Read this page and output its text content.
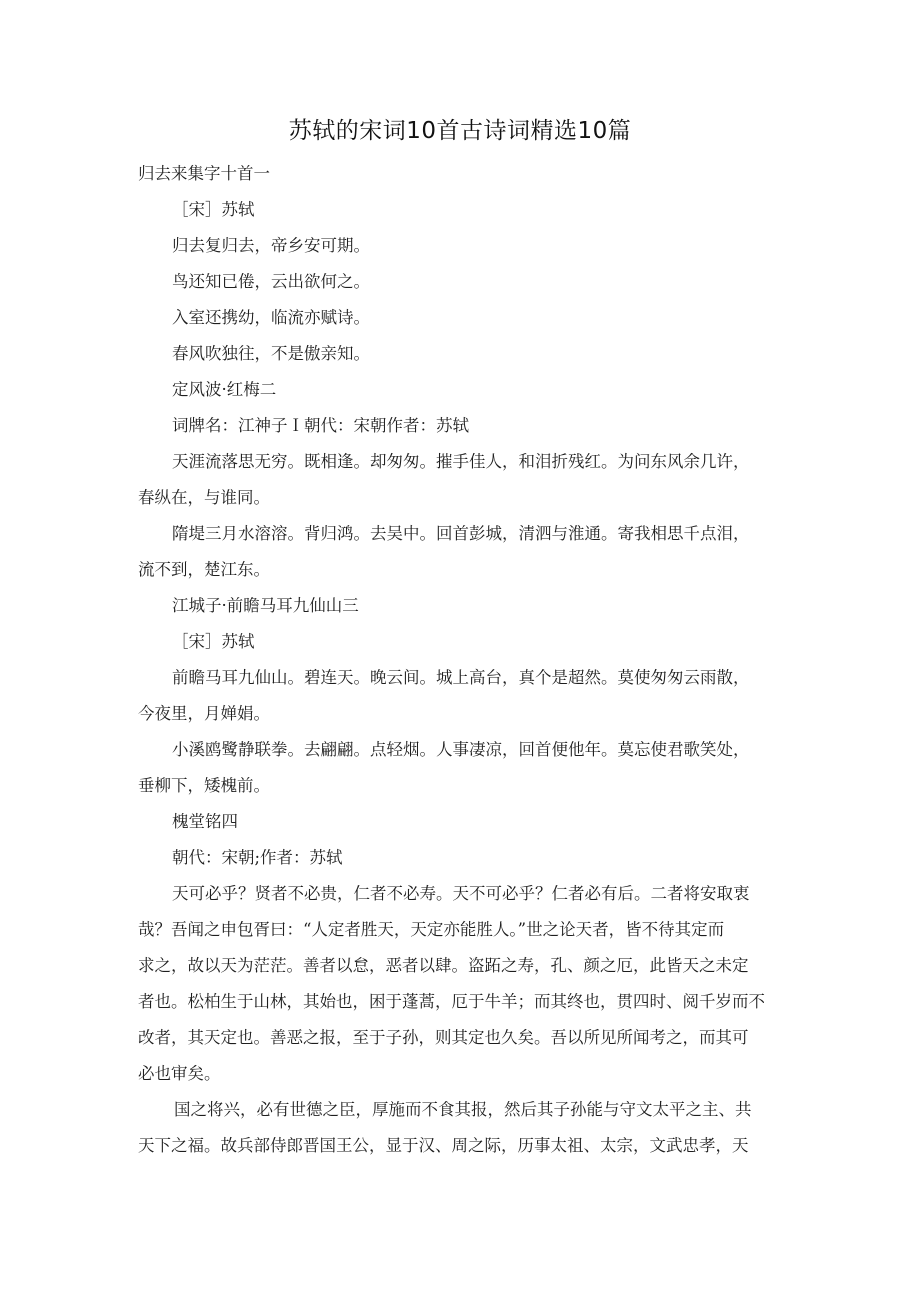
苏轼的宋词10首古诗词精选10篇
归去来集字十首一
［宋］苏轼
归去复归去，帝乡安可期。
鸟还知已倦，云出欲何之。
入室还携幼，临流亦赋诗。
春风吹独往，不是傲亲知。
定风波·红梅二
词牌名：江神子Ｉ朝代：宋朝作者：苏轼
天涯流落思无穷。既相逢。却匆匆。摧手佳人，和泪折残红。为问东风余几许，
春纵在，与谁同。
隋堤三月水溶溶。背归鸿。去吴中。回首彭城，清泗与淮通。寄我相思千点泪，
流不到，楚江东。
江城子·前瞻马耳九仙山三
［宋］苏轼
前瞻马耳九仙山。碧连天。晚云间。城上高台，真个是超然。莫使匆匆云雨散，
今夜里，月婵娟。
小溪鸥鹭静联拳。去翩翩。点轻烟。人事凄凉，回首便他年。莫忘使君歌笑处，
垂柳下，矮槐前。
槐堂铭四
朝代：宋朝;作者：苏轼
天可必乎？贤者不必贵，仁者不必寿。天不可必乎？仁者必有后。二者将安取衷
哉？吾闻之申包胥曰：“人定者胜天，天定亦能胜人。”世之论天者，皆不待其定而
求之，故以天为茫茫。善者以怠，恶者以肆。盗跖之寿，孔、颜之厄，此皆天之未定
者也。松柏生于山林，其始也，困于蓬蒿，厄于牛羊；而其终也，贯四时、阅千岁而不
改者，其天定也。善恶之报，至于子孙，则其定也久矣。吾以所见所闻考之，而其可
必也审矣。
国之将兴，必有世德之臣，厚施而不食其报，然后其子孙能与守文太平之主、共
天下之福。故兵部侍郎晋国王公，显于汉、周之际，历事太祖、太宗，文武忠孝，天
